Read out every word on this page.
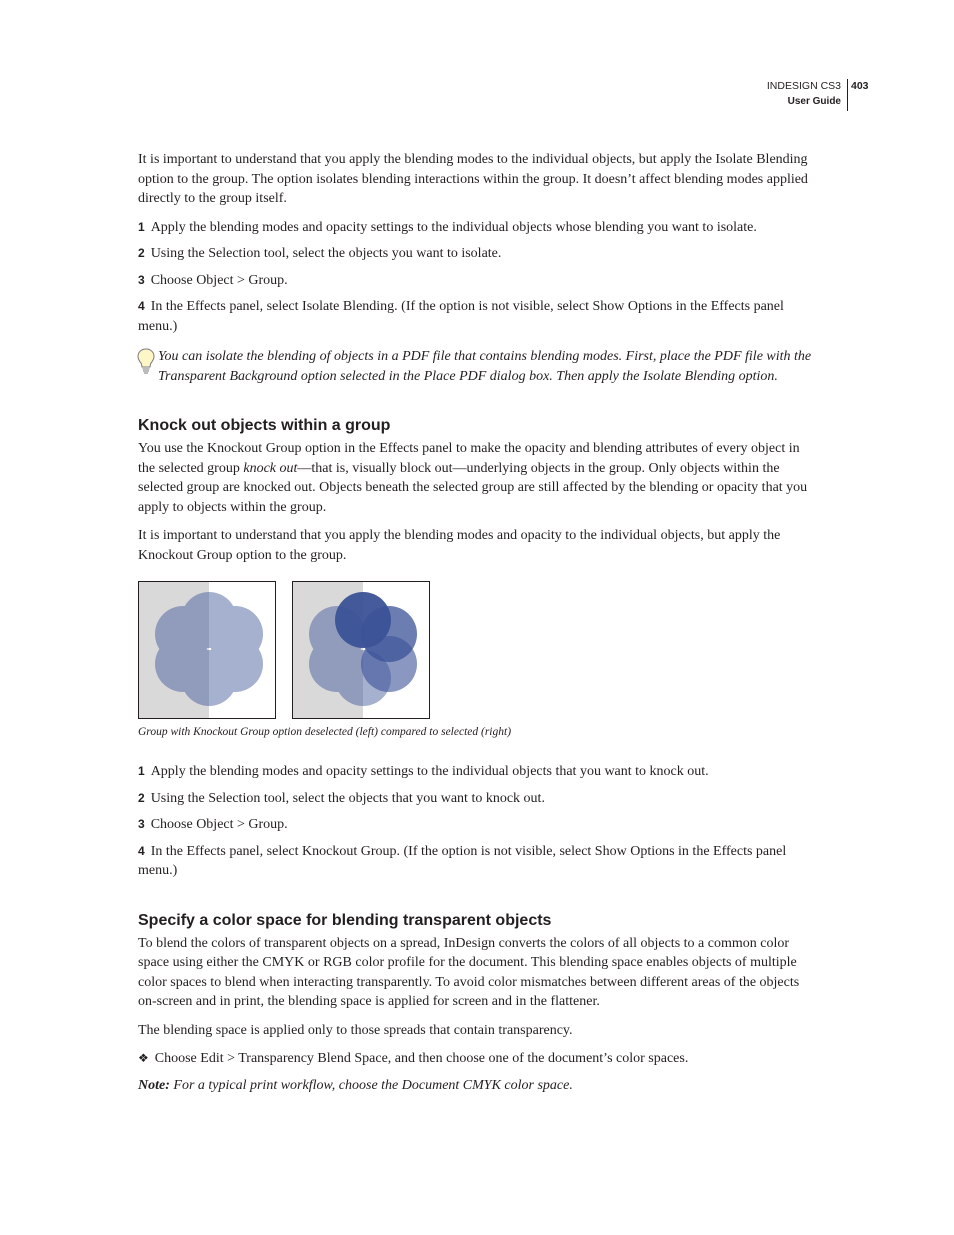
INDESIGN CS3
User Guide
403

It is important to understand that you apply the blending modes to the individual objects, but apply the Isolate Blending option to the group. The option isolates blending interactions within the group. It doesn’t affect blending modes applied directly to the group itself.

1 Apply the blending modes and opacity settings to the individual objects whose blending you want to isolate.

2 Using the Selection tool, select the objects you want to isolate.

3 Choose Object > Group.

4 In the Effects panel, select Isolate Blending. (If the option is not visible, select Show Options in the Effects panel menu.)

You can isolate the blending of objects in a PDF file that contains blending modes. First, place the PDF file with the Transparent Background option selected in the Place PDF dialog box. Then apply the Isolate Blending option.

Knock out objects within a group

You use the Knockout Group option in the Effects panel to make the opacity and blending attributes of every object in the selected group knock out—that is, visually block out—underlying objects in the group. Only objects within the selected group are knocked out. Objects beneath the selected group are still affected by the blending or opacity that you apply to objects within the group.

It is important to understand that you apply the blending modes and opacity to the individual objects, but apply the Knockout Group option to the group.

Group with Knockout Group option deselected (left) compared to selected (right)

1 Apply the blending modes and opacity settings to the individual objects that you want to knock out.

2 Using the Selection tool, select the objects that you want to knock out.

3 Choose Object > Group.

4 In the Effects panel, select Knockout Group. (If the option is not visible, select Show Options in the Effects panel menu.)

Specify a color space for blending transparent objects

To blend the colors of transparent objects on a spread, InDesign converts the colors of all objects to a common color space using either the CMYK or RGB color profile for the document. This blending space enables objects of multiple color spaces to blend when interacting transparently. To avoid color mismatches between different areas of the objects on-screen and in print, the blending space is applied for screen and in the flattener.

The blending space is applied only to those spreads that contain transparency.

❖ Choose Edit > Transparency Blend Space, and then choose one of the document’s color spaces.

Note: For a typical print workflow, choose the Document CMYK color space.
